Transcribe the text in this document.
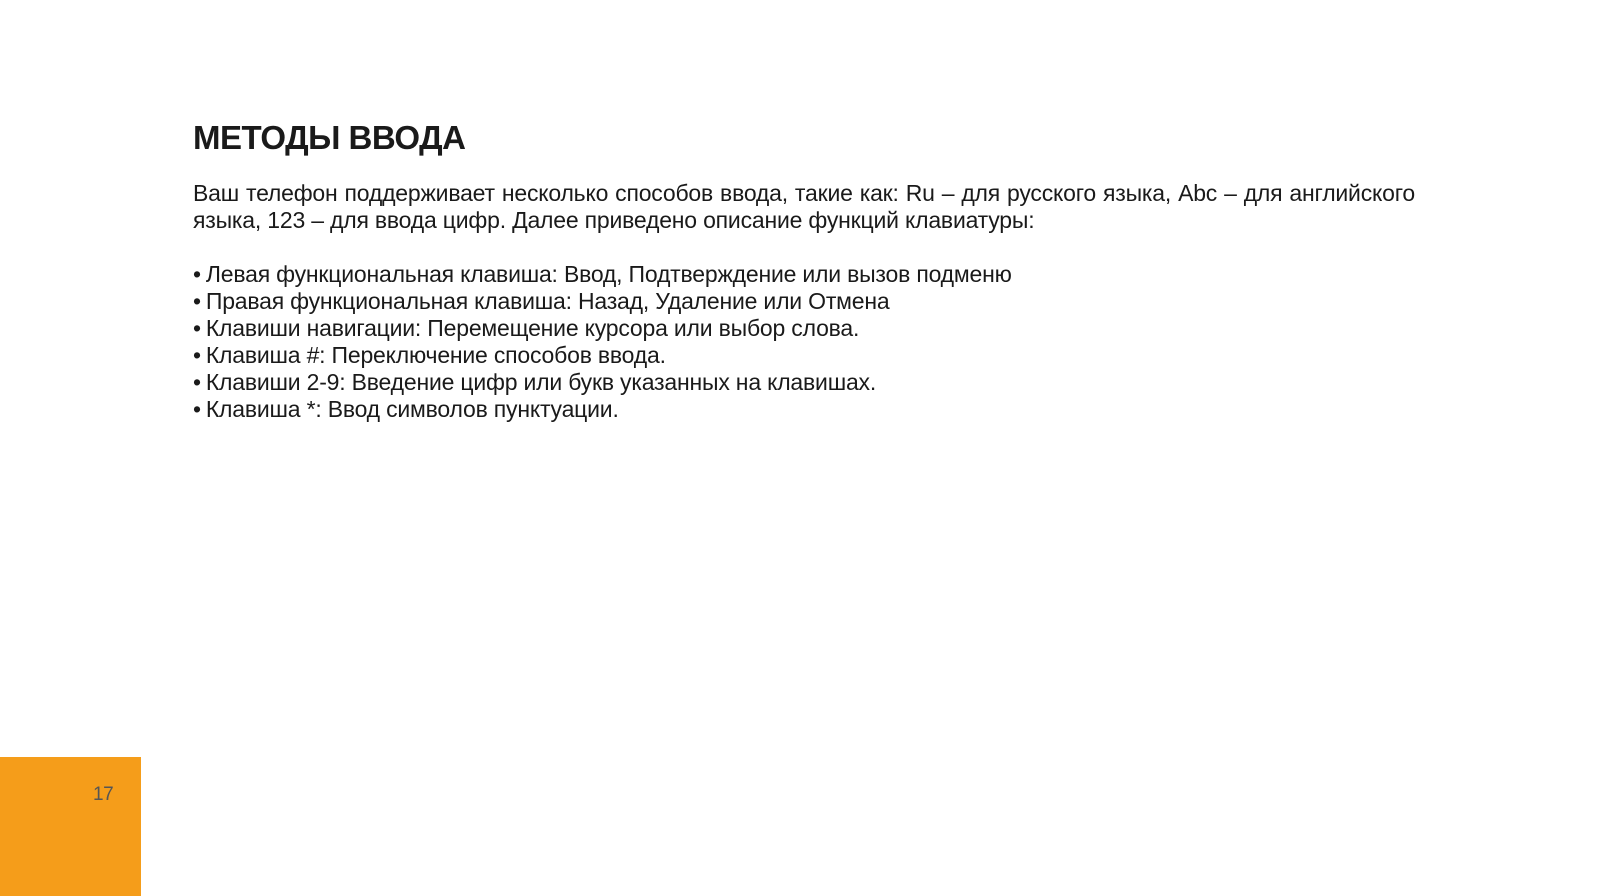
МЕТОДЫ ВВОДА

Ваш телефон поддерживает несколько способов ввода, такие как: Ru – для русского языка, Abc – для английского языка, 123 – для ввода цифр. Далее приведено описание функций клавиатуры:

• Левая функциональная клавиша: Ввод, Подтверждение или вызов подменю
• Правая функциональная клавиша: Назад, Удаление или Отмена
• Клавиши навигации: Перемещение курсора или выбор слова.
• Клавиша #: Переключение способов ввода.
• Клавиши 2-9: Введение цифр или букв указанных на клавишах.
• Клавиша *: Ввод символов пунктуации.
17
